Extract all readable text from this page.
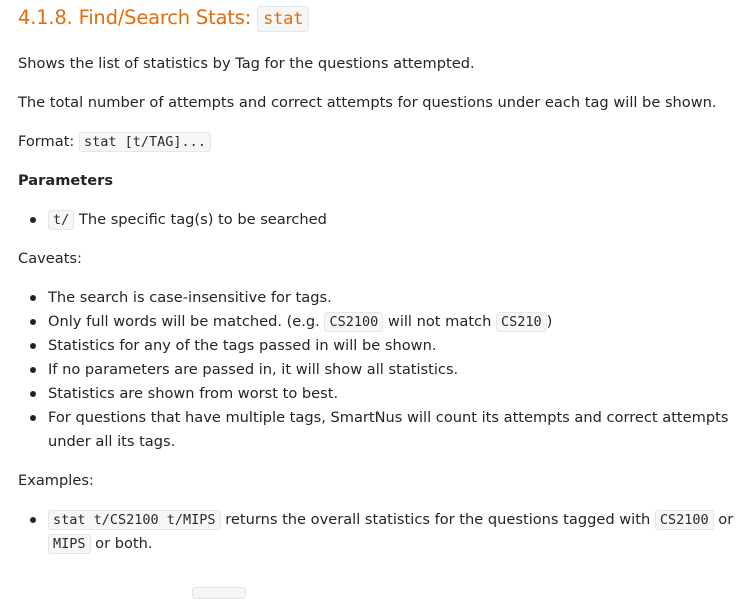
4.1.8. Find/Search Stats: stat

Shows the list of statistics by Tag for the questions attempted.

The total number of attempts and correct attempts for questions under each tag will be shown.

Format: stat [t/TAG]...

Parameters

t/ The specific tag(s) to be searched

Caveats:

The search is case-insensitive for tags.
Only full words will be matched. (e.g. CS2100 will not match CS210 )
Statistics for any of the tags passed in will be shown.
If no parameters are passed in, it will show all statistics.
Statistics are shown from worst to best.
For questions that have multiple tags, SmartNus will count its attempts and correct attempts under all its tags.

Examples:

stat t/CS2100 t/MIPS returns the overall statistics for the questions tagged with CS2100 or MIPS or both.
